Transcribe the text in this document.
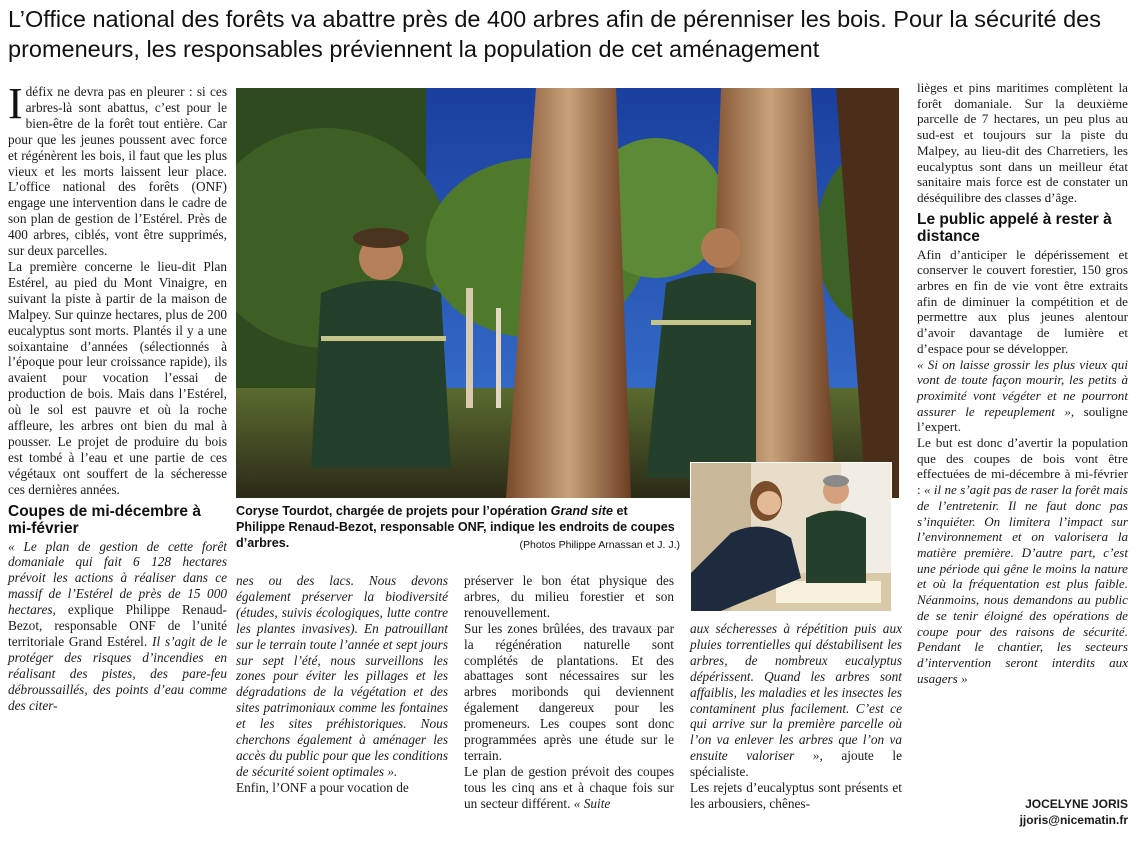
L’Office national des forêts va abattre près de 400 arbres afin de pérenniser les bois. Pour la sécurité des promeneurs, les responsables préviennent la population de cet aménagement

Idéfix ne devra pas en pleurer : si ces arbres-là sont abattus, c’est pour le bien-être de la forêt tout entière. Car pour que les jeunes poussent avec force et régénèrent les bois, il faut que les plus vieux et les morts laissent leur place. L’office national des forêts (ONF) engage une intervention dans le cadre de son plan de gestion de l’Estérel. Près de 400 arbres, ciblés, vont être supprimés, sur deux parcelles.

La première concerne le lieu-dit Plan Estérel, au pied du Mont Vinaigre, en suivant la piste à partir de la maison de Malpey. Sur quinze hectares, plus de 200 eucalyptus sont morts. Plantés il y a une soixantaine d’années (sélectionnés à l’époque pour leur croissance rapide), ils avaient pour vocation l’essai de production de bois. Mais dans l’Estérel, où le sol est pauvre et où la roche affleure, les arbres ont bien du mal à pousser. Le projet de produire du bois est tombé à l’eau et une partie de ces végétaux ont souffert de la sécheresse ces dernières années.

Coupes de mi-décembre à mi-février

« Le plan de gestion de cette forêt domaniale qui fait 6 128 hectares prévoit les actions à réaliser dans ce massif de l’Estérel de près de 15 000 hectares, explique Philippe Renaud-Bezot, responsable ONF de l’unité territoriale Grand Estérel. Il s’agit de le protéger des risques d’incendies en réalisant des pistes, des pare-feu débroussaillés, des points d’eau comme des citer-

Coryse Tourdot, chargée de projets pour l’opération Grand site et Philippe Renaud-Bezot, responsable ONF, indique les endroits de coupes d’arbres.	(Photos Philippe Arnassan et J. J.)

nes ou des lacs. Nous devons également préserver la biodiversité (études, suivis écologiques, lutte contre les plantes invasives). En patrouillant sur le terrain toute l’année et sept jours sur sept l’été, nous surveillons les zones pour éviter les pillages et les dégradations de la végétation et des sites patrimoniaux comme les fontaines et les sites préhistoriques. Nous cherchons également à aménager les accès du public pour que les conditions de sécurité soient optimales ».

Enfin, l’ONF a pour vocation de

préserver le bon état physique des arbres, du milieu forestier et son renouvellement.

Sur les zones brûlées, des travaux par la régénération naturelle sont complétés de plantations. Et des abattages sont nécessaires sur les arbres moribonds qui deviennent également dangereux pour les promeneurs. Les coupes sont donc programmées après une étude sur le terrain.

Le plan de gestion prévoit des coupes tous les cinq ans et à chaque fois sur un secteur différent. « Suite

aux sécheresses à répétition puis aux pluies torrentielles qui déstabilisent les arbres, de nombreux eucalyptus dépérissent. Quand les arbres sont affaiblis, les maladies et les insectes les contaminent plus facilement. C’est ce qui arrive sur la première parcelle où l’on va enlever les arbres que l’on va ensuite valoriser », ajoute le spécialiste.

Les rejets d’eucalyptus sont présents et les arbousiers, chênes-

lièges et pins maritimes complètent la forêt domaniale. Sur la deuxième parcelle de 7 hectares, un peu plus au sud-est et toujours sur la piste du Malpey, au lieu-dit des Charretiers, les eucalyptus sont dans un meilleur état sanitaire mais force est de constater un déséquilibre des classes d’âge.

Le public appelé à rester à distance

Afin d’anticiper le dépérissement et conserver le couvert forestier, 150 gros arbres en fin de vie vont être extraits afin de diminuer la compétition et de permettre aux plus jeunes alentour d’avoir davantage de lumière et d’espace pour se développer.

« Si on laisse grossir les plus vieux qui vont de toute façon mourir, les petits à proximité vont végéter et ne pourront assurer le repeuplement », souligne l’expert.

Le but est donc d’avertir la population que des coupes de bois vont être effectuées de mi-décembre à mi-février : « il ne s’agit pas de raser la forêt mais de l’entretenir. Il ne faut donc pas s’inquiéter. On limitera l’impact sur l’environnement et on valorisera la matière première. D’autre part, c’est une période qui gêne le moins la nature et où la fréquentation est plus faible. Néanmoins, nous demandons au public de se tenir éloigné des opérations de coupe pour des raisons de sécurité. Pendant le chantier, les secteurs d’intervention seront interdits aux usagers »

JOCELYNE JORIS
jjoris@nicematin.fr
